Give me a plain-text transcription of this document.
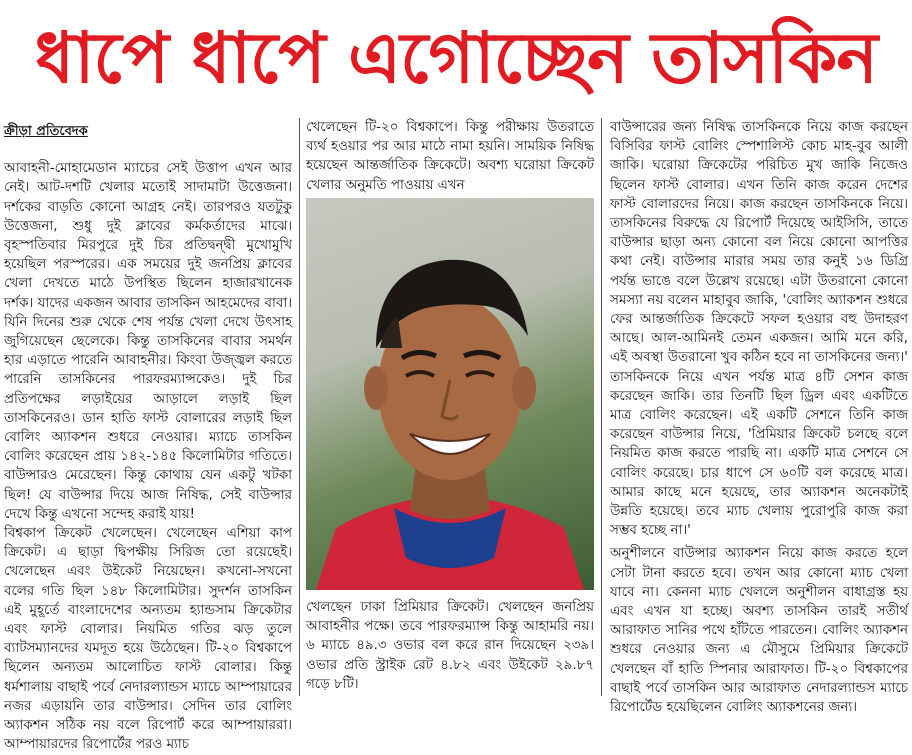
ধাপে ধাপে এগোচ্ছেন তাসকিন
ক্রীড়া প্রতিবেদক

আবাহনী-মোহামেডান ম্যাচের সেই উত্তাপ এখন আর নেই। আট-দশটি খেলার মতোই সাদামাটা উত্তেজনা। দর্শকের বাড়তি কোনো আগ্রহ নেই। তারপরও যতটুকু উত্তেজনা, শুধু দুই ক্লাবের কর্মকর্তাদের মাঝে। বৃহস্পতিবার মিরপুরে দুই চির প্রতিদ্বন্দ্বী মুখোমুখি হয়েছিল পরস্পরের। এক সময়ের দুই জনপ্রিয় ক্লাবের খেলা দেখতে মাঠে উপস্থিত ছিলেন হাজারখানেক দর্শক। যাদের একজন আবার তাসকিন আহমেদের বাবা। যিনি দিনের শুরু থেকে শেষ পর্যন্ত খেলা দেখে উৎসাহ জুগিয়েছেন ছেলেকে। কিন্তু তাসকিনের বাবার সমর্থন হার এড়াতে পারেনি আবাহনীর। কিংবা উজ্জ্বল করতে পারেনি তাসকিনের পারফরম্যান্সকেও। দুই চির প্রতিপক্ষের লড়াইয়ের আড়ালে লড়াই ছিল তাসকিনেরও। ডান হাতি ফাস্ট বোলারের লড়াই ছিল বোলিং অ্যাকশন শুধরে নেওয়ার। ম্যাচে তাসকিন বোলিং করেছেন প্রায় ১৪২-১৪৫ কিলোমিটার গতিতে। বাউন্সারও মেরেছেন। কিন্তু কোথায় যেন একটু খটকা ছিল! যে বাউন্সার দিয়ে আজ নিষিদ্ধ, সেই বাউন্সার দেখে কিন্তু এখনো সন্দেহ করাই যায়!

বিশ্বকাপ ক্রিকেট খেলেছেন। খেলেছেন এশিয়া কাপ ক্রিকেট। এ ছাড়া দ্বিপক্ষীয় সিরিজ তো রয়েছেই। খেলেছেন এবং উইকেট নিয়েছেন। কখনো-সখনো বলের গতি ছিল ১৪৮ কিলোমিটার। সুদর্শন তাসকিন এই মুহূর্তে বাংলাদেশের অন্যতম হ্যান্ডসাম ক্রিকেটার এবং ফাস্ট বোলার। নিয়মিত গতির ঝড় তুলে ব্যাটসম্যানদের যমদূত হয়ে উঠেছেন। টি-২০ বিশ্বকাপে ছিলেন অন্যতম আলোচিত ফাস্ট বোলার। কিন্তু ধর্মশালায় বাছাই পর্বে নেদারল্যান্ডস ম্যাচে আম্পায়ারের নজর এড়ায়নি তার বাউন্সার। সেদিন তার বোলিং অ্যাকশন সঠিক নয় বলে রিপোর্ট করে আম্পায়াররা। আম্পায়ারদের রিপোর্টের পরও ম্যাচ

খেলেছেন টি-২০ বিশ্বকাপে। কিন্তু পরীক্ষায় উতরাতে ব্যর্থ হওয়ার পর আর মাঠে নামা হয়নি। সাময়িক নিষিদ্ধ হয়েছেন আন্তর্জাতিক ক্রিকেটে। অবশ্য ঘরোয়া ক্রিকেট খেলার অনুমতি পাওয়ায় এখন

খেলছেন ঢাকা প্রিমিয়ার ক্রিকেট। খেলছেন জনপ্রিয় আবাহনীর পক্ষে। তবে পারফরম্যান্স কিন্তু আহামরি নয়। ৬ ম্যাচে ৪৯.৩ ওভার বল করে রান দিয়েছেন ২৩৯। ওভার প্রতি স্ট্রাইক রেট ৪.৮২ এবং উইকেট ২৯.৮৭ গড়ে ৮টি।

বাউন্সারের জন্য নিষিদ্ধ তাসকিনকে নিয়ে কাজ করছেন বিসিবির ফাস্ট বোলিং স্পেশালিস্ট কোচ মাহ-বুব আলী জাকি। ঘরোয়া ক্রিকেটের পরিচিত মুখ জাকি নিজেও ছিলেন ফাস্ট বোলার। এখন তিনি কাজ করেন দেশের ফাস্ট বোলারদের নিয়ে। কাজ করছেন তাসকিনকে নিয়ে। তাসকিনের বিরুদ্ধে যে রিপোর্ট দিয়েছে আইসিসি, তাতে বাউন্সার ছাড়া অন্য কোনো বল নিয়ে কোনো আপত্তির কথা নেই। বাউন্সার মারার সময় তার কনুই ১৬ ডিগ্রি পর্যন্ত ভাঙে বলে উল্লেখ রয়েছে। এটা উতরানো কোনো সমস্যা নয় বলেন মাহাবুব জাকি, 'বোলিং অ্যাকশন শুধরে ফের আন্তর্জাতিক ক্রিকেটে সফল হওয়ার বহু উদাহরণ আছে। আল-আমিনই তেমন একজন। আমি মনে করি, এই অবস্থা উতরানো খুব কঠিন হবে না তাসকিনের জন্য।' তাসকিনকে নিয়ে এখন পর্যন্ত মাত্র ৪টি সেশন কাজ করেছেন জাকি। তার তিনটি ছিল ড্রিল এবং একটিতে মাত্র বোলিং করেছেন। এই একটি সেশনে তিনি কাজ করেছেন বাউন্সার নিয়ে, 'প্রিমিয়ার ক্রিকেট চলছে বলে নিয়মিত কাজ করতে পারছি না। একটি মাত্র সেশনে সে বোলিং করেছে। চার ধাপে সে ৬০টি বল করেছে মাত্র। আমার কাছে মনে হয়েছে, তার অ্যাকশন অনেকটাই উন্নতি হয়েছে। তবে ম্যাচ খেলায় পুরোপুরি কাজ করা সম্ভব হচ্ছে না।'

অনুশীলনে বাউন্সার অ্যাকশন নিয়ে কাজ করতে হলে সেটা টানা করতে হবে। তখন আর কোনো ম্যাচ খেলা যাবে না। কেননা ম্যাচ খেললে অনুশীলন বাধাগ্রস্ত হয় এবং এখন যা হচ্ছে। অবশ্য তাসকিন তারই সতীর্থ আরাফাত সানির পথে হাঁটতে পারতেন। বোলিং অ্যাকশন শুধরে নেওয়ার জন্য এ মৌসুমে প্রিমিয়ার ক্রিকেটে খেলছেন বাঁ হাতি স্পিনার আরাফাত। টি-২০ বিশ্বকাপের বাছাই পর্বে তাসকিন আর আরাফাত নেদারল্যান্ডস ম্যাচে রিপোর্টেড হয়েছিলেন বোলিং অ্যাকশনের জন্য।
